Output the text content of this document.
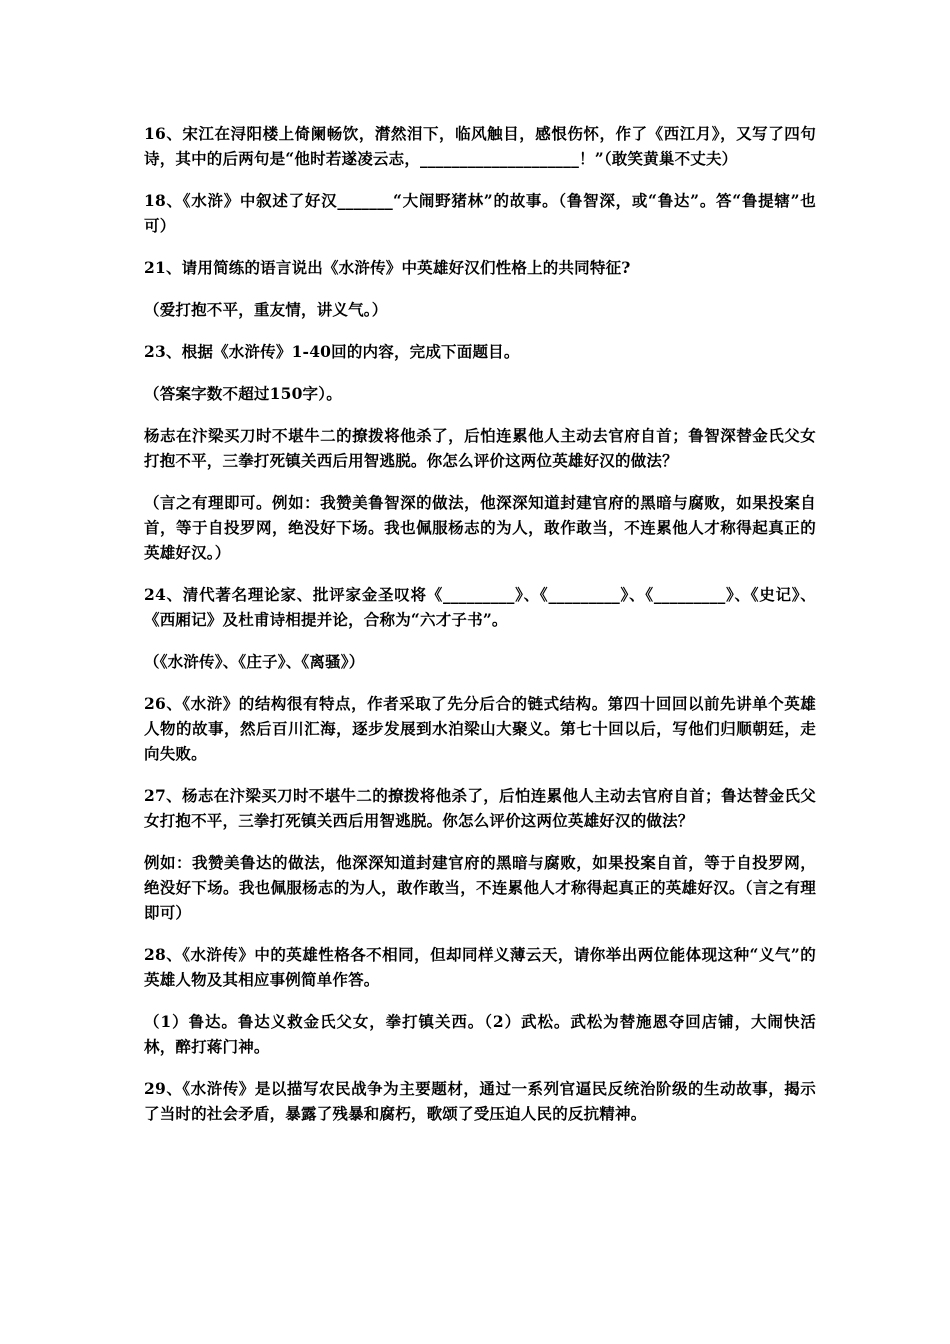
16、宋江在浔阳楼上倚阑畅饮，潸然泪下，临风触目，感恨伤怀，作了《西江月》，又写了四句诗，其中的后两句是“他时若遂凌云志，____________________！”（敢笑黄巢不丈夫）

18、《水浒》中叙述了好汉_______“大闹野猪林”的故事。（鲁智深，或“鲁达”。答“鲁提辖”也可）

21、请用简练的语言说出《水浒传》中英雄好汉们性格上的共同特征?

（爱打抱不平，重友情，讲义气。）

23、根据《水浒传》1-40回的内容，完成下面题目。

（答案字数不超过150字）。

杨志在汴梁买刀时不堪牛二的撩拨将他杀了，后怕连累他人主动去官府自首；鲁智深替金氏父女打抱不平，三拳打死镇关西后用智逃脱。你怎么评价这两位英雄好汉的做法？

（言之有理即可。例如：我赞美鲁智深的做法，他深深知道封建官府的黑暗与腐败，如果投案自首，等于自投罗网，绝没好下场。我也佩服杨志的为人，敢作敢当，不连累他人才称得起真正的英雄好汉。）

24、清代著名理论家、批评家金圣叹将《_________》、《_________》、《_________》、《史记》、《西厢记》及杜甫诗相提并论，合称为“六才子书”。

（《水浒传》、《庄子》、《离骚》）

26、《水浒》的结构很有特点，作者采取了先分后合的链式结构。第四十回回以前先讲单个英雄人物的故事，然后百川汇海，逐步发展到水泊梁山大聚义。第七十回以后，写他们归顺朝廷，走向失败。

27、杨志在汴梁买刀时不堪牛二的撩拨将他杀了，后怕连累他人主动去官府自首；鲁达替金氏父女打抱不平，三拳打死镇关西后用智逃脱。你怎么评价这两位英雄好汉的做法？

例如：我赞美鲁达的做法，他深深知道封建官府的黑暗与腐败，如果投案自首，等于自投罗网，绝没好下场。我也佩服杨志的为人，敢作敢当，不连累他人才称得起真正的英雄好汉。（言之有理即可）

28、《水浒传》中的英雄性格各不相同，但却同样义薄云天，请你举出两位能体现这种“义气”的英雄人物及其相应事例简单作答。

（1）鲁达。鲁达义救金氏父女，拳打镇关西。（2）武松。武松为替施恩夺回店铺，大闹快活林，醉打蒋门神。

29、《水浒传》是以描写农民战争为主要题材，通过一系列官逼民反统治阶级的生动故事，揭示了当时的社会矛盾，暴露了残暴和腐朽，歌颂了受压迫人民的反抗精神。
